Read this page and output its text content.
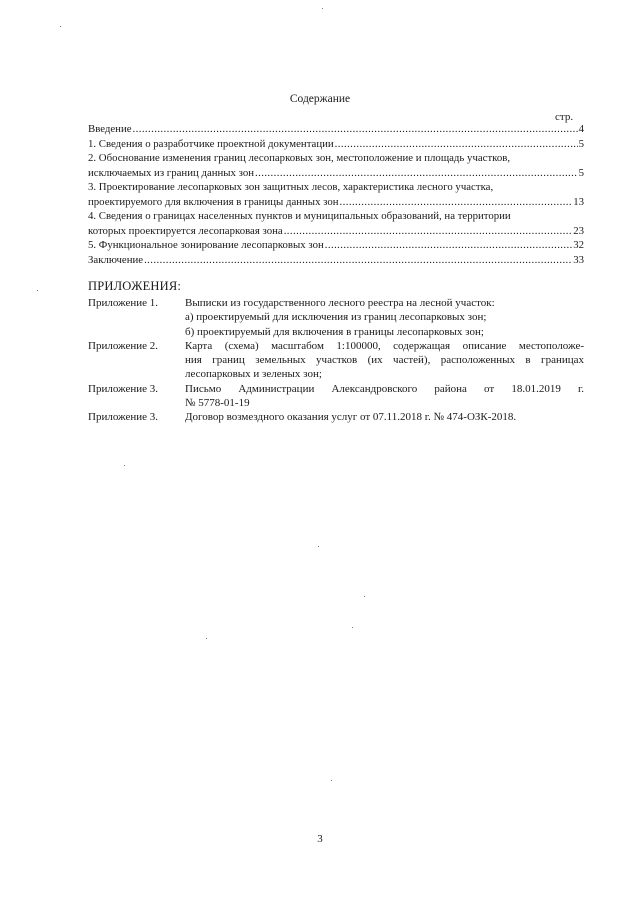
Содержание
стр.
Введение .....	4
1. Сведения о разработчике проектной документации .....	5
2. Обоснование изменения границ лесопарковых зон, местоположение и площадь участков,
исключаемых из границ данных зон .....	5
3. Проектирование лесопарковых зон защитных лесов, характеристика лесного участка,
проектируемого для включения в границы данных зон .....	13
4. Сведения о границах населенных пунктов и муниципальных образований, на территории
которых проектируется лесопарковая зона .....	23
5. Функциональное зонирование лесопарковых зон .....	32
Заключение .....	33
ПРИЛОЖЕНИЯ:
Приложение 1.	Выписки из государственного лесного реестра на лесной участок:
а) проектируемый для исключения из границ лесопарковых зон;
б) проектируемый для включения в границы лесопарковых зон;
Приложение 2.	Карта (схема) масштабом 1:100000, содержащая описание местоположе-
ния границ земельных участков (их частей), расположенных в границах
лесопарковых и зеленых зон;
Приложение 3.	Письмо Администрации Александровского района от 18.01.2019 г.
№ 5778-01-19
Приложение 3.	Договор возмездного оказания услуг от 07.11.2018 г. № 474-ОЗК-2018.
3
